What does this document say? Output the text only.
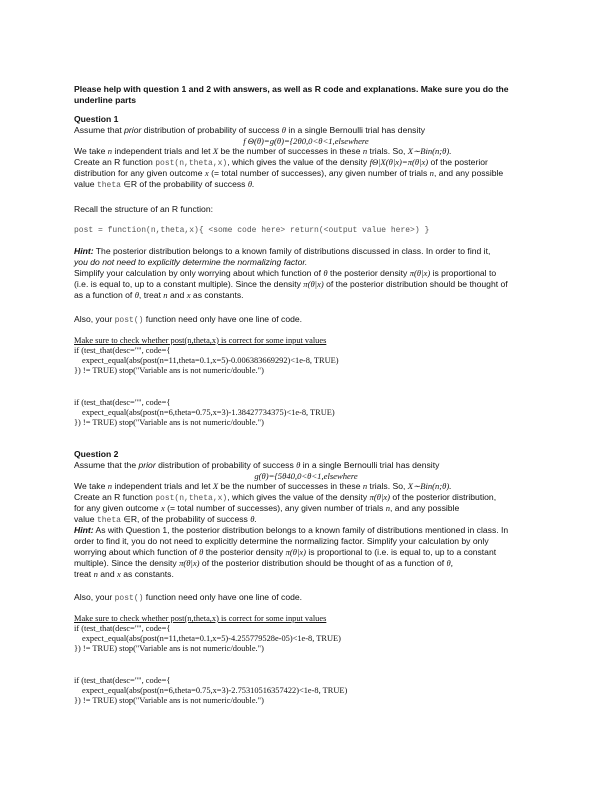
Please help with question 1 and 2 with answers, as well as R code and explanations. Make sure you do the
underline parts
Question 1
Assume that prior distribution of probability of success θ in a single Bernoulli trial has density
f Θ(θ)=g(θ)={2θ0,0<θ<1,elsewhere
We take n independent trials and let X be the number of successes in these n trials. So, X∼Bin(n;θ).
Create an R function post(n,theta,x), which gives the value of the density fΘ|X(θ|x)=π(θ|x) of the posterior
distribution for any given outcome x (= total number of successes), any given number of trials n, and any possible
value theta ∈R of the probability of success θ.
Recall the structure of an R function:
post = function(n,theta,x){ <some code here> return(<output value here>) }
Hint: The posterior distribution belongs to a known family of distributions discussed in class. In order to find it,
you do not need to explicitly determine the normalizing factor.
Simplify your calculation by only worrying about which function of θ the posterior density π(θ|x) is proportional to
(i.e. is equal to, up to a constant multiple). Since the density π(θ|x) of the posterior distribution should be thought of
as a function of θ, treat n and x as constants.
Also, your post() function need only have one line of code.
Make sure to check whether post(n,theta,x) is correct for some input values
if (test_that(desc="", code={
expect_equal(abs(post(n=11,theta=0.1,x=5)-0.006383669292)<1e-8, TRUE)
}) != TRUE) stop("Variable ans is not numeric/double.")
if (test_that(desc="", code={
expect_equal(abs(post(n=6,theta=0.75,x=3)-1.38427734375)<1e-8, TRUE)
}) != TRUE) stop("Variable ans is not numeric/double.")
Question 2
Assume that the prior distribution of probability of success θ in a single Bernoulli trial has density
g(θ)={5θ40,0<θ<1,elsewhere
We take n independent trials and let X be the number of successes in these n trials. So, X∼Bin(n;θ).
Create an R function post(n,theta,x), which gives the value of the density π(θ|x) of the posterior distribution,
for any given outcome x (= total number of successes), any given number of trials n, and any possible
value theta ∈R, of the probability of success θ.
Hint: As with Question 1, the posterior distribution belongs to a known family of distributions mentioned in class. In
order to find it, you do not need to explicitly determine the normalizing factor. Simplify your calculation by only
worrying about which function of θ the posterior density π(θ|x) is proportional to (i.e. is equal to, up to a constant
multiple). Since the density π(θ|x) of the posterior distribution should be thought of as a function of θ,
treat n and x as constants.
Also, your post() function need only have one line of code.
Make sure to check whether post(n,theta,x) is correct for some input values
if (test_that(desc="", code={
expect_equal(abs(post(n=11,theta=0.1,x=5)-4.255779528e-05)<1e-8, TRUE)
}) != TRUE) stop("Variable ans is not numeric/double.")
if (test_that(desc="", code={
expect_equal(abs(post(n=6,theta=0.75,x=3)-2.75310516357422)<1e-8, TRUE)
}) != TRUE) stop("Variable ans is not numeric/double.")
